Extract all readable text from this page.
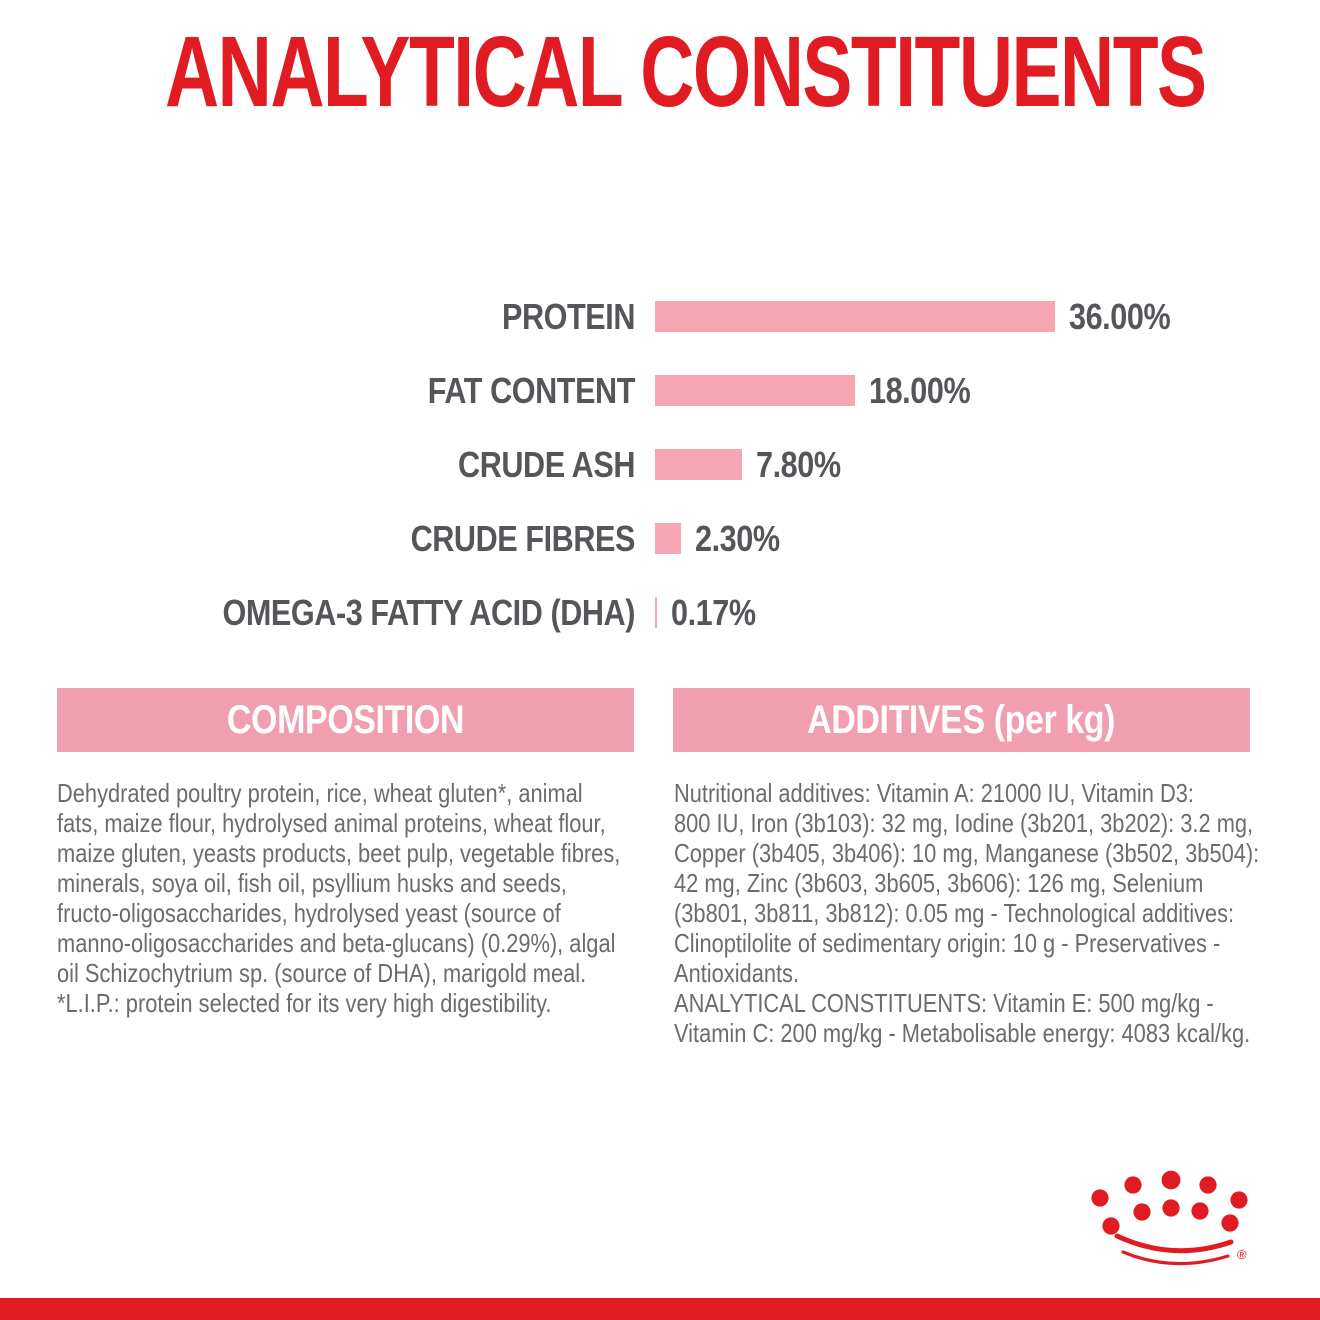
ANALYTICAL CONSTITUENTS
PROTEIN	36.00%
FAT CONTENT	18.00%
CRUDE ASH	7.80%
CRUDE FIBRES 2.30%
OMEGA-3 FATTY ACID (DHA) 0.17%
COMPOSITION	ADDITIVES (per kg)
Dehydrated poultry protein, rice, wheat gluten*, animal
fats, maize flour, hydrolysed animal proteins, wheat flour,
maize gluten, yeasts products, beet pulp, vegetable fibres,
minerals, soya oil, fish oil, psyllium husks and seeds,
fructo-oligosaccharides, hydrolysed yeast (source of
manno-oligosaccharides and beta-glucans) (0.29%), algal
oil Schizochytrium sp. (source of DHA), marigold meal.
*L.I.P.: protein selected for its very high digestibility.
Nutritional additives: Vitamin A: 21000 IU, Vitamin D3:
800 IU, Iron (3b103): 32 mg, Iodine (3b201, 3b202): 3.2 mg,
Copper (3b405, 3b406): 10 mg, Manganese (3b502, 3b504):
42 mg, Zinc (3b603, 3b605, 3b606): 126 mg, Selenium
(3b801, 3b811, 3b812): 0.05 mg - Technological additives:
Clinoptilolite of sedimentary origin: 10 g - Preservatives -
Antioxidants.
ANALYTICAL CONSTITUENTS: Vitamin E: 500 mg/kg -
Vitamin C: 200 mg/kg - Metabolisable energy: 4083 kcal/kg.
®
